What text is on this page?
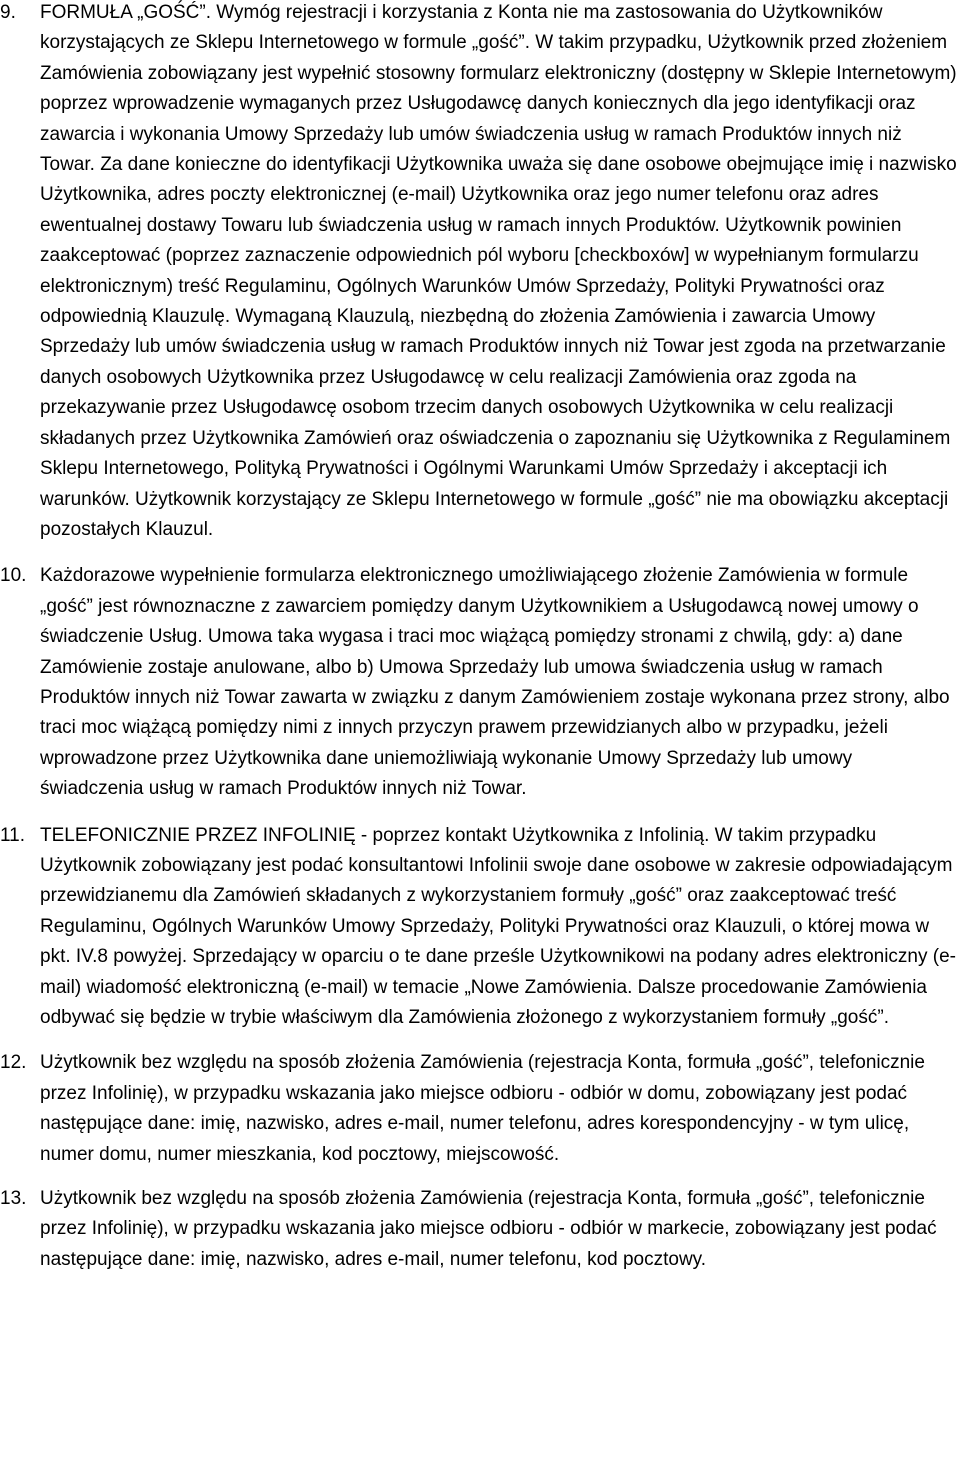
9.	FORMUŁA „GOŚĆ”. Wymóg rejestracji i korzystania z Konta nie ma zastosowania do Użytkowników korzystających ze Sklepu Internetowego w formule „gość”. W takim przypadku, Użytkownik przed złożeniem Zamówienia zobowiązany jest wypełnić stosowny formularz elektroniczny (dostępny w Sklepie Internetowym) poprzez wprowadzenie wymaganych przez Usługodawcę danych koniecznych dla jego identyfikacji oraz zawarcia i wykonania Umowy Sprzedaży lub umów świadczenia usług w ramach Produktów innych niż Towar. Za dane konieczne do identyfikacji Użytkownika uważa się dane osobowe obejmujące imię i nazwisko Użytkownika, adres poczty elektronicznej (e-mail) Użytkownika oraz jego numer telefonu oraz adres ewentualnej dostawy Towaru lub świadczenia usług w ramach innych Produktów. Użytkownik powinien zaakceptować (poprzez zaznaczenie odpowiednich pól wyboru [checkboxów] w wypełnianym formularzu elektronicznym) treść Regulaminu, Ogólnych Warunków Umów Sprzedaży, Polityki Prywatności oraz odpowiednią Klauzulę. Wymaganą Klauzulą, niezbędną do złożenia Zamówienia i zawarcia Umowy Sprzedaży lub umów świadczenia usług w ramach Produktów innych niż Towar jest zgoda na przetwarzanie danych osobowych Użytkownika przez Usługodawcę w celu realizacji Zamówienia oraz zgoda na przekazywanie przez Usługodawcę osobom trzecim danych osobowych Użytkownika w celu realizacji składanych przez Użytkownika Zamówień oraz oświadczenia o zapoznaniu się Użytkownika z Regulaminem Sklepu Internetowego, Polityką Prywatności i Ogólnymi Warunkami Umów Sprzedaży i akceptacji ich warunków. Użytkownik korzystający ze Sklepu Internetowego w formule „gość” nie ma obowiązku akceptacji pozostałych Klauzul.
10. Każdorazowe wypełnienie formularza elektronicznego umożliwiającego złożenie Zamówienia w formule „gość” jest równoznaczne z zawarciem pomiędzy danym Użytkownikiem a Usługodawcą nowej umowy o świadczenie Usług. Umowa taka wygasa i traci moc wiążącą pomiędzy stronami z chwilą, gdy: a) dane Zamówienie zostaje anulowane, albo b) Umowa Sprzedaży lub umowa świadczenia usług w ramach Produktów innych niż Towar zawarta w związku z danym Zamówieniem zostaje wykonana przez strony, albo traci moc wiążącą pomiędzy nimi z innych przyczyn prawem przewidzianych albo w przypadku, jeżeli wprowadzone przez Użytkownika dane uniemożliwiają wykonanie Umowy Sprzedaży lub umowy świadczenia usług w ramach Produktów innych niż Towar.
11. TELEFONICZNIE PRZEZ INFOLINIĘ - poprzez kontakt Użytkownika z Infolinią. W takim przypadku Użytkownik zobowiązany jest podać konsultantowi Infolinii swoje dane osobowe w zakresie odpowiadającym przewidzianemu dla Zamówień składanych z wykorzystaniem formuły „gość” oraz zaakceptować treść Regulaminu, Ogólnych Warunków Umowy Sprzedaży, Polityki Prywatności oraz Klauzuli, o której mowa w pkt. IV.8 powyżej. Sprzedający w oparciu o te dane prześle Użytkownikowi na podany adres elektroniczny (e-mail) wiadomość elektroniczną (e-mail) w temacie „Nowe Zamówienia. Dalsze procedowanie Zamówienia odbywać się będzie w trybie właściwym dla Zamówienia złożonego z wykorzystaniem formuły „gość”.
12. Użytkownik bez względu na sposób złożenia Zamówienia (rejestracja Konta, formuła „gość”, telefonicznie przez Infolinię), w przypadku wskazania jako miejsce odbioru - odbiór w domu, zobowiązany jest podać następujące dane: imię, nazwisko, adres e-mail, numer telefonu, adres korespondencyjny - w tym ulicę, numer domu, numer mieszkania, kod pocztowy, miejscowość.
13. Użytkownik bez względu na sposób złożenia Zamówienia (rejestracja Konta, formuła „gość”, telefonicznie przez Infolinię), w przypadku wskazania jako miejsce odbioru - odbiór w markecie, zobowiązany jest podać następujące dane: imię, nazwisko, adres e-mail, numer telefonu, kod pocztowy.
